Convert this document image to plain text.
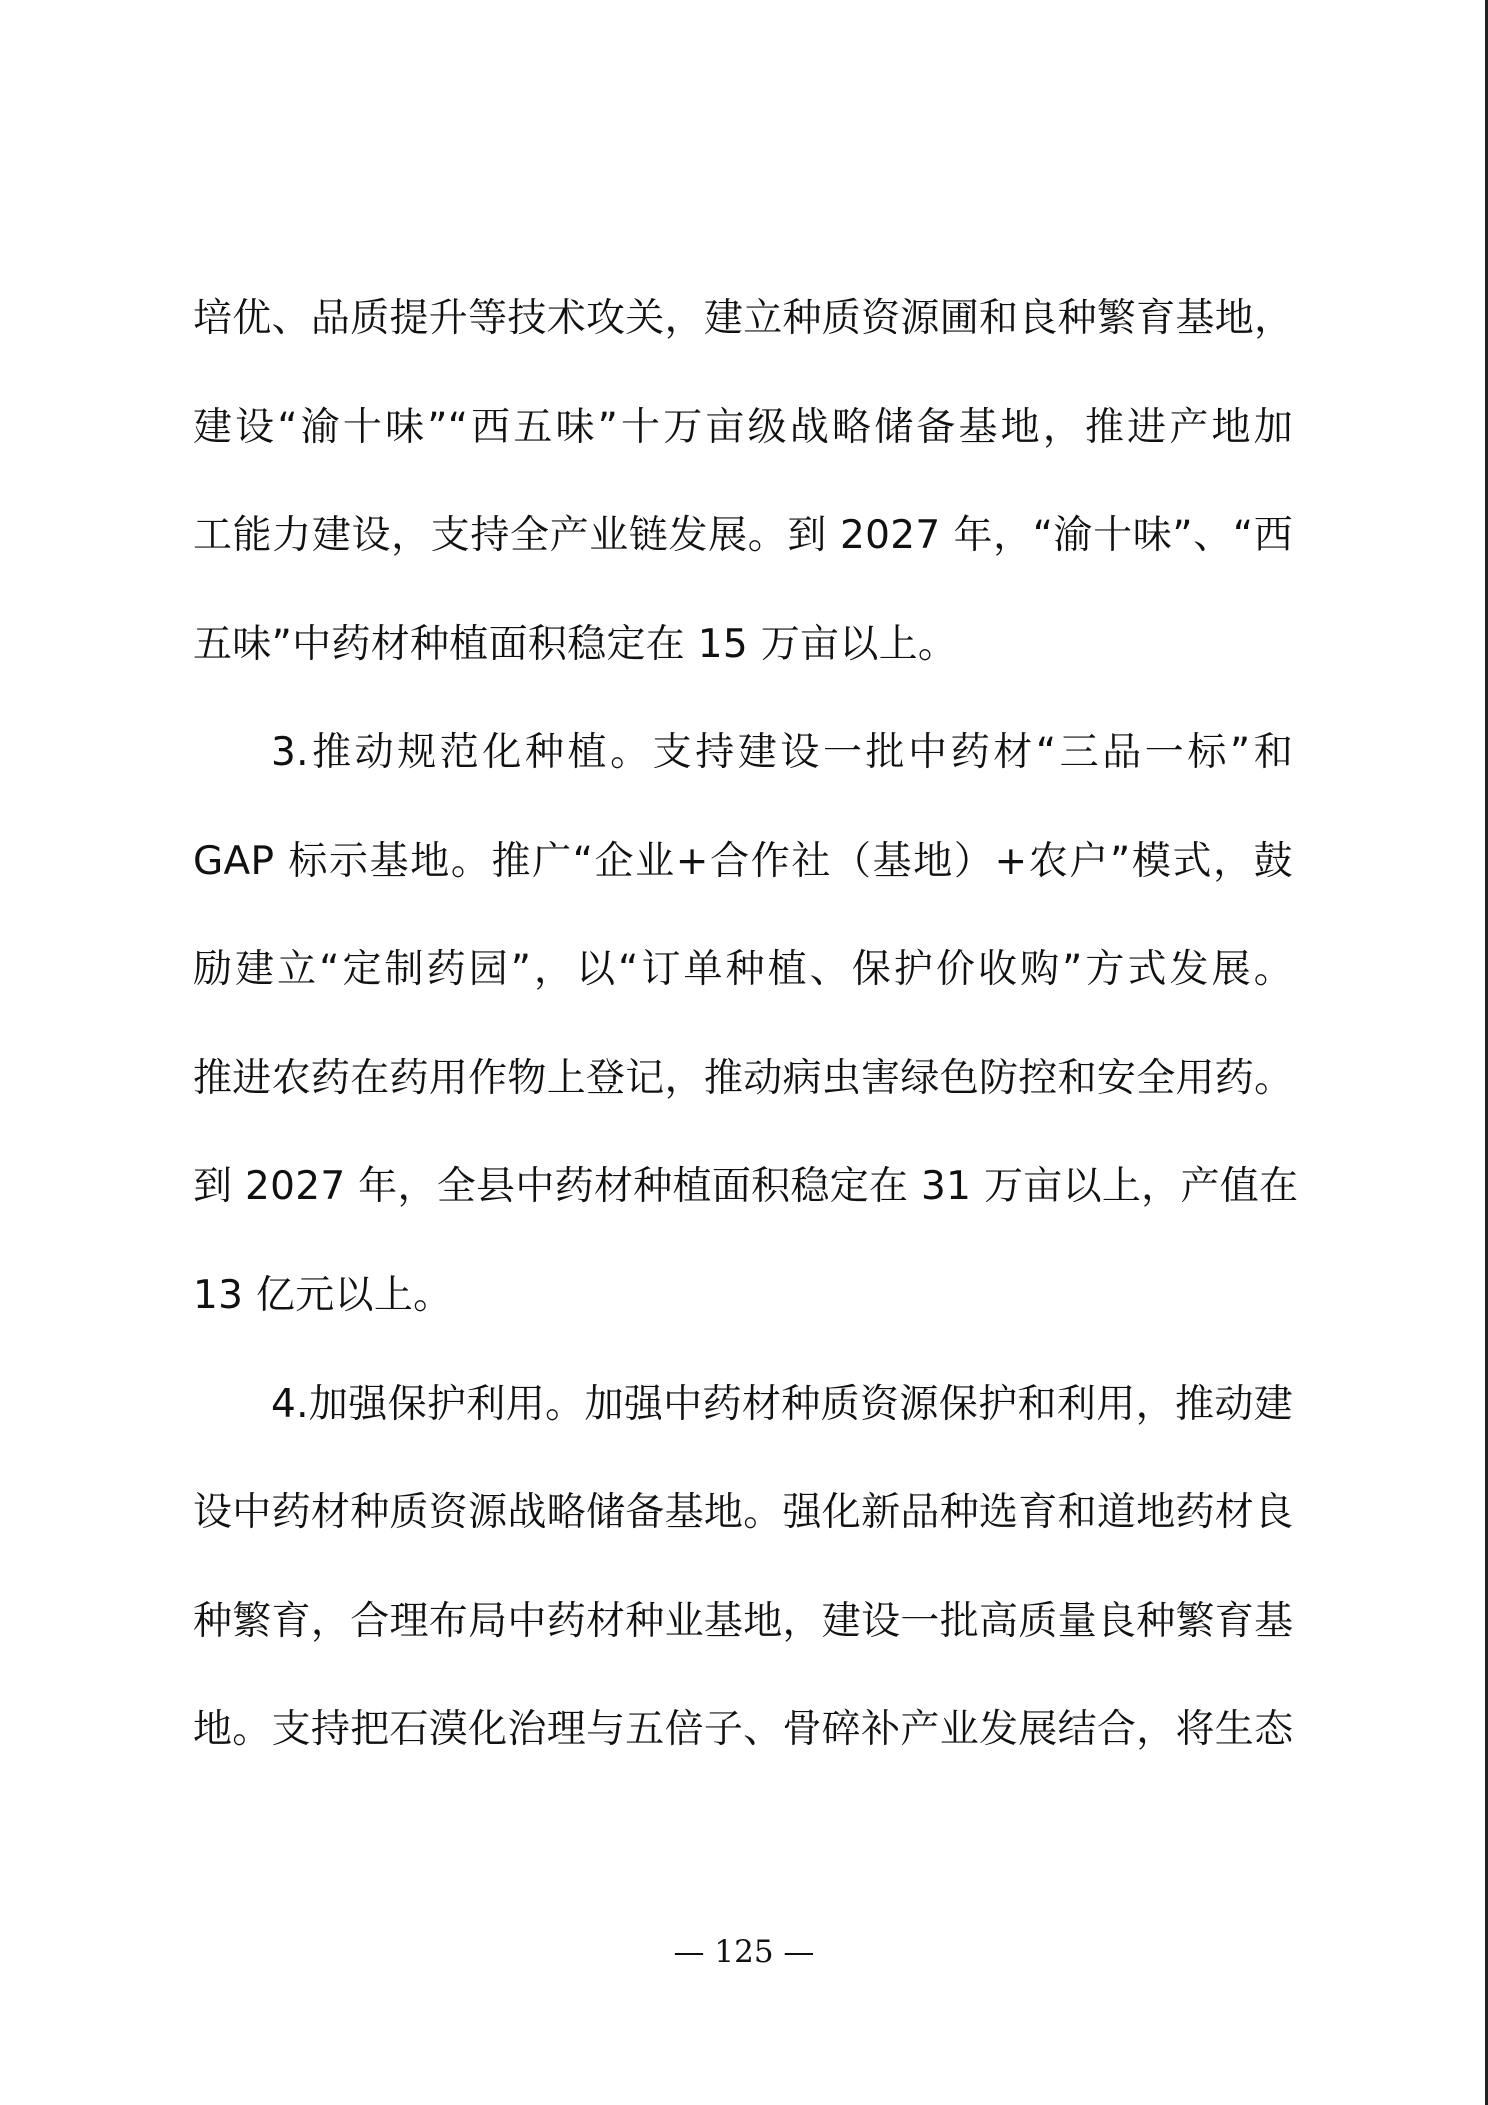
培优、品质提升等技术攻关，建立种质资源圃和良种繁育基地，
建设“渝十味”“西五味”十万亩级战略储备基地，推进产地加
工能力建设，支持全产业链发展。到 2027 年，“渝十味”、“西
五味”中药材种植面积稳定在 15 万亩以上。
3.推动规范化种植。支持建设一批中药材“三品一标”和
GAP 标示基地。推广“企业+合作社（基地）+农户”模式，鼓
励建立“定制药园”，以“订单种植、保护价收购”方式发展。
推进农药在药用作物上登记，推动病虫害绿色防控和安全用药。
到 2027 年，全县中药材种植面积稳定在 31 万亩以上，产值在
13 亿元以上。
4.加强保护利用。加强中药材种质资源保护和利用，推动建
设中药材种质资源战略储备基地。强化新品种选育和道地药材良
种繁育，合理布局中药材种业基地，建设一批高质量良种繁育基
地。支持把石漠化治理与五倍子、骨碎补产业发展结合，将生态
— 125 —
